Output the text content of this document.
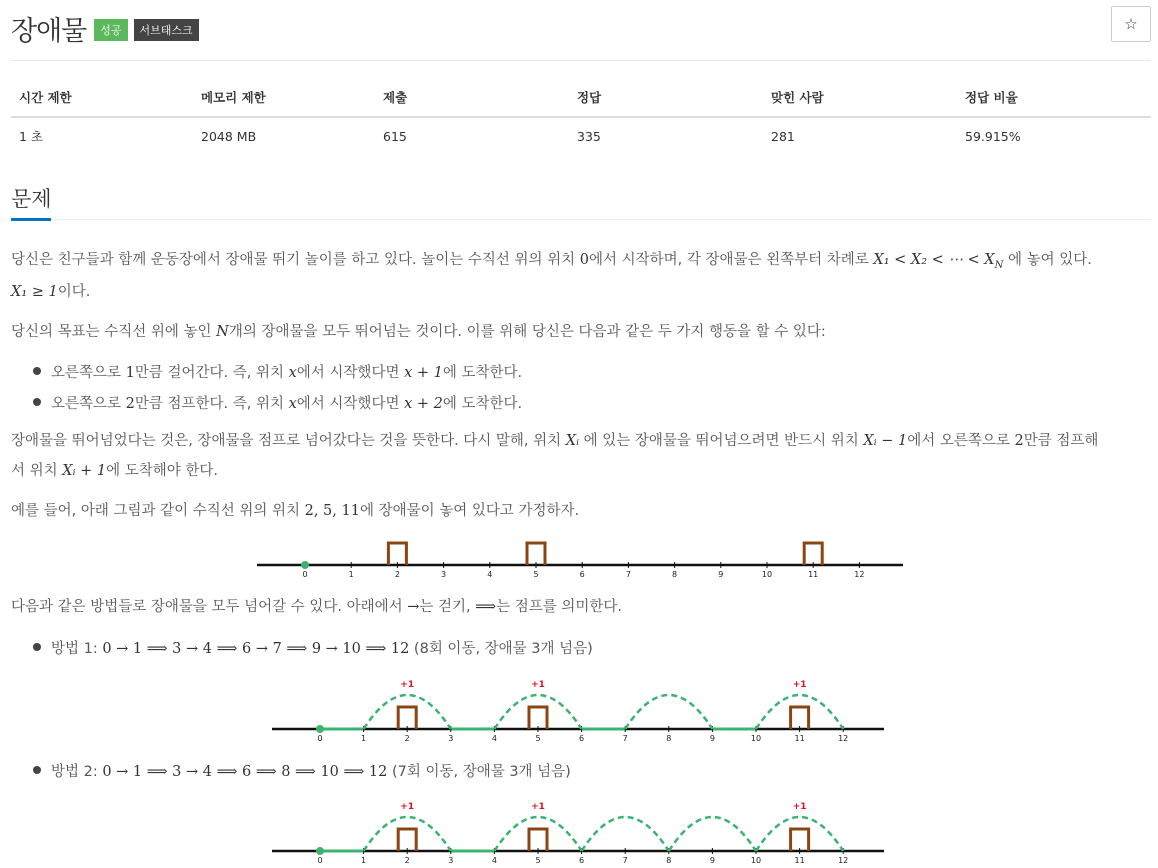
장애물	성공	서브태스크	☆
시간 제한	메모리 제한	제출	정답	맞힌 사람	정답 비율
1 초	2048 MB	615	335	281	59.915%
문제
당신은 친구들과 함께 운동장에서 장애물 뛰기 놀이를 하고 있다. 놀이는 수직선 위의 위치 0에서 시작하며, 각 장애물은 왼쪽부터 차례로 X₁ < X₂ < ⋯ < $X_N$ 에 놓여 있다.
X₁ ≥ 1이다.
당신의 목표는 수직선 위에 놓인 N개의 장애물을 모두 뛰어넘는 것이다. 이를 위해 당신은 다음과 같은 두 가지 행동을 할 수 있다:
오른쪽으로 1만큼 걸어간다. 즉, 위치 x에서 시작했다면 x + 1에 도착한다.
오른쪽으로 2만큼 점프한다. 즉, 위치 x에서 시작했다면 x + 2에 도착한다.
장애물을 뛰어넘었다는 것은, 장애물을 점프로 넘어갔다는 것을 뜻한다. 다시 말해, 위치 Xᵢ 에 있는 장애물을 뛰어넘으려면 반드시 위치 Xᵢ − 1에서 오른쪽으로 2만큼 점프해
서 위치 Xᵢ + 1에 도착해야 한다.
예를 들어, 아래 그림과 같이 수직선 위의 위치 2, 5, 11에 장애물이 놓여 있다고 가정하자.
0	1	2	3	4	5	6	7	8	9	10	11	12
다음과 같은 방법들로 장애물을 모두 넘어갈 수 있다. 아래에서 →는 걷기, ⟹는 점프를 의미한다.
방법 1: 0 → 1 ⟹ 3 → 4 ⟹ 6 → 7 ⟹ 9 → 10 ⟹ 12 (8회 이동, 장애물 3개 넘음)
0	1	2	3	4	5	6	7	8	9	10	11	12
+1	+1	+1
방법 2: 0 → 1 ⟹ 3 → 4 ⟹ 6 ⟹ 8 ⟹ 10 ⟹ 12 (7회 이동, 장애물 3개 넘음)
0	1	2	3	4	5	6	7	8	9	10	11	12
+1	+1	+1
